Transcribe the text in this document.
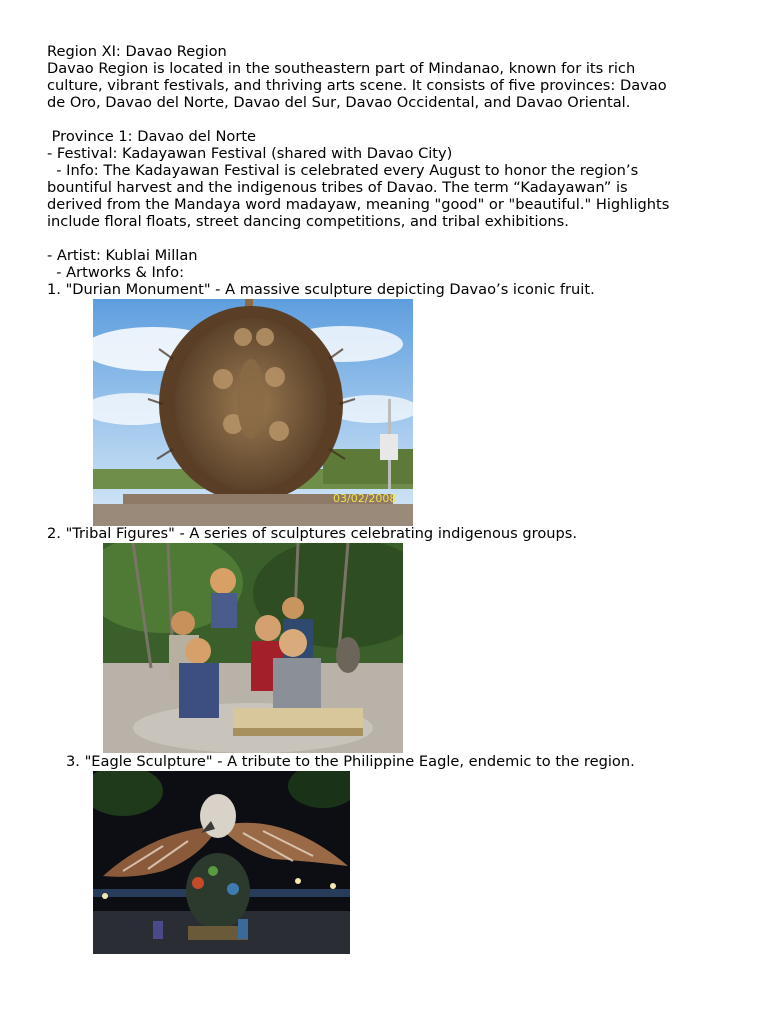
Region XI: Davao Region
Davao Region is located in the southeastern part of Mindanao, known for its rich
culture, vibrant festivals, and thriving arts scene. It consists of five provinces: Davao
de Oro, Davao del Norte, Davao del Sur, Davao Occidental, and Davao Oriental.
Province 1: Davao del Norte
- Festival: Kadayawan Festival (shared with Davao City)
- Info: The Kadayawan Festival is celebrated every August to honor the region’s
bountiful harvest and the indigenous tribes of Davao. The term “Kadayawan” is
derived from the Mandaya word madayaw, meaning "good" or "beautiful." Highlights
include floral floats, street dancing competitions, and tribal exhibitions.
- Artist: Kublai Millan
- Artworks & Info:
1. "Durian Monument" - A massive sculpture depicting Davao’s iconic fruit.
03/02/2008
2. "Tribal Figures" - A series of sculptures celebrating indigenous groups.
3. "Eagle Sculpture" - A tribute to the Philippine Eagle, endemic to the region.
